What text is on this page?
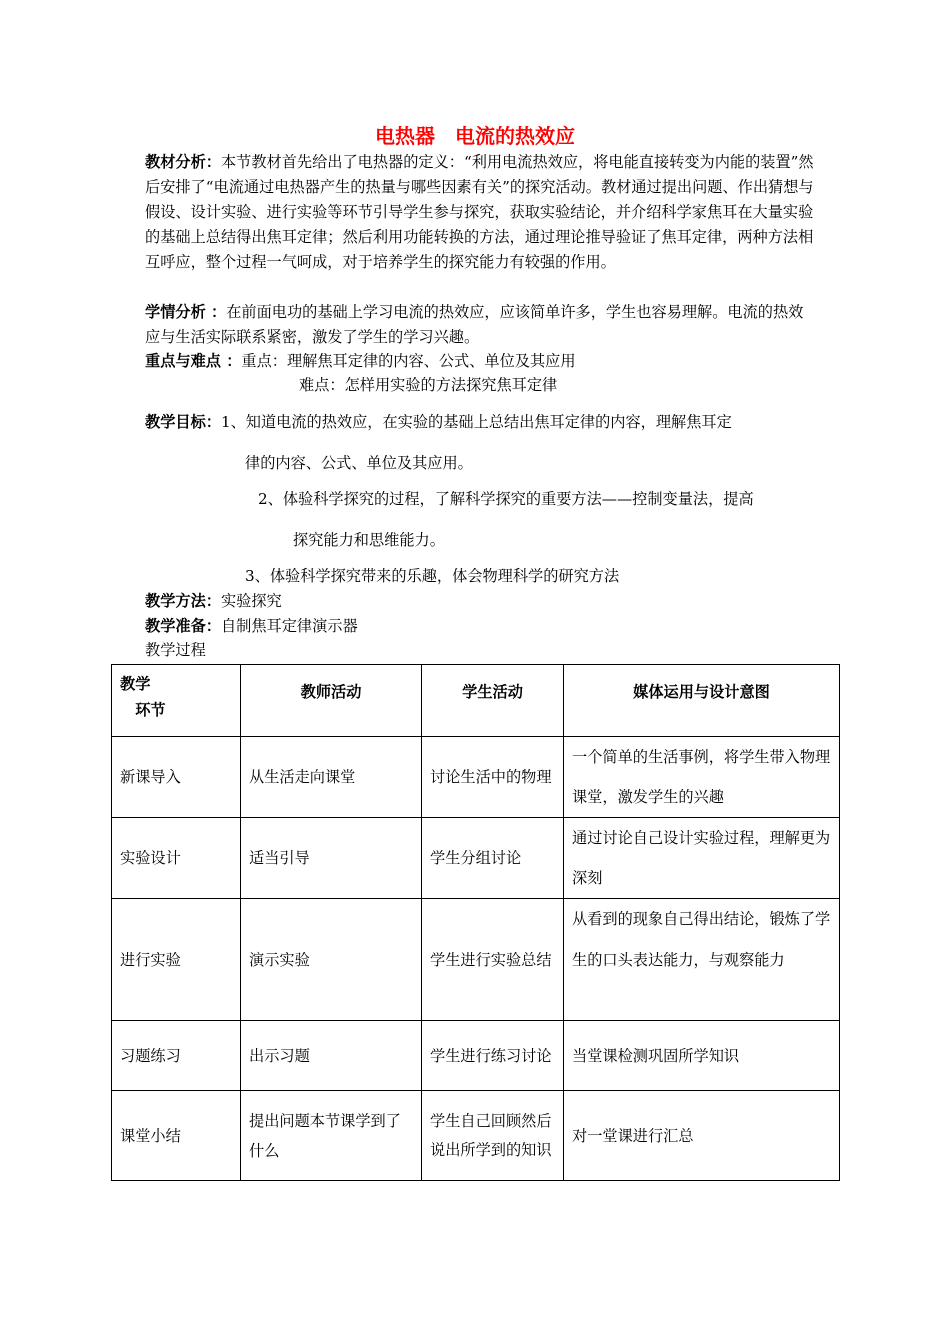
电热器　电流的热效应
教材分析：本节教材首先给出了电热器的定义：“利用电流热效应，将电能直接转变为内能的装置”然后安排了“电流通过电热器产生的热量与哪些因素有关”的探究活动。教材通过提出问题、作出猜想与假设、设计实验、进行实验等环节引导学生参与探究，获取实验结论，并介绍科学家焦耳在大量实验的基础上总结得出焦耳定律；然后利用功能转换的方法，通过理论推导验证了焦耳定律，两种方法相互呼应，整个过程一气呵成，对于培养学生的探究能力有较强的作用。
学情分析 ：在前面电功的基础上学习电流的热效应，应该简单许多，学生也容易理解。电流的热效应与生活实际联系紧密，激发了学生的学习兴趣。
重点与难点 ：重点：理解焦耳定律的内容、公式、单位及其应用
难点：怎样用实验的方法探究焦耳定律
教学目标：1、知道电流的热效应，在实验的基础上总结出焦耳定律的内容，理解焦耳定
律的内容、公式、单位及其应用。
2、体验科学探究的过程，了解科学探究的重要方法——控制变量法，提高
探究能力和思维能力。
3、体验科学探究带来的乐趣，体会物理科学的研究方法
教学方法：实验探究
教学准备：自制焦耳定律演示器
教学过程
教学
　环节	教师活动	学生活动	媒体运用与设计意图
新课导入	从生活走向课堂	讨论生活中的物理	一个简单的生活事例，将学生带入物理课堂，激发学生的兴趣
实验设计	适当引导	学生分组讨论	通过讨论自己设计实验过程，理解更为深刻
进行实验	演示实验	学生进行实验总结	从看到的现象自己得出结论，锻炼了学生的口头表达能力，与观察能力
习题练习	出示习题	学生进行练习讨论	当堂课检测巩固所学知识
课堂小结	提出问题本节课学到了什么	学生自己回顾然后说出所学到的知识	对一堂课进行汇总
